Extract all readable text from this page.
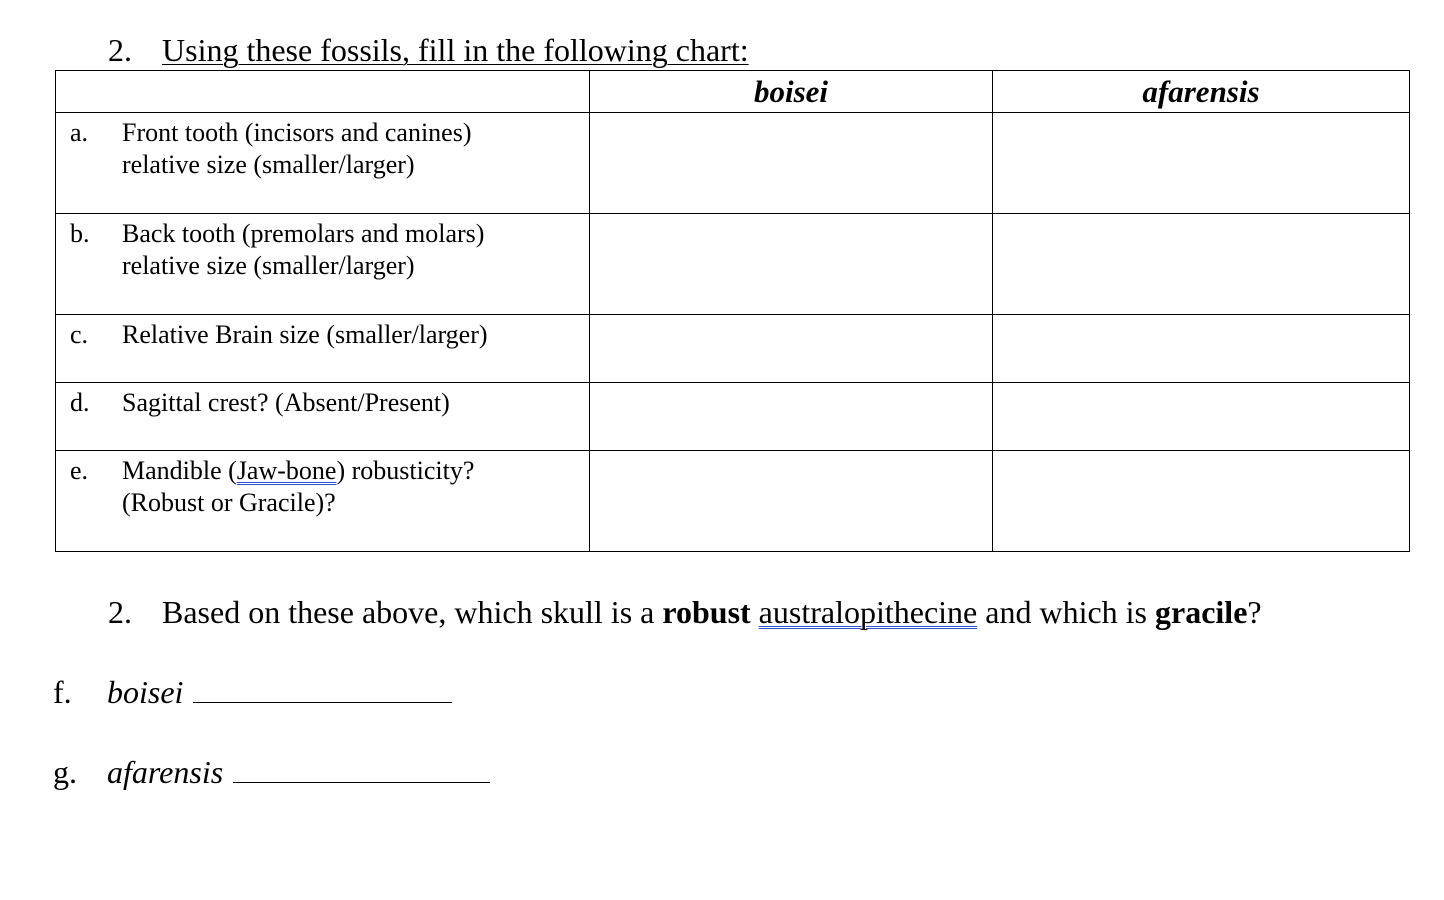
2. Using these fossils, fill in the following chart:
	boisei	afarensis

a. Front tooth (incisors and canines)
relative size (smaller/larger)		

b. Back tooth (premolars and molars)
relative size (smaller/larger)		

c. Relative Brain size (smaller/larger)		

d. Sagittal crest? (Absent/Present)		

e. Mandible (Jaw-bone) robusticity?
(Robust or Gracile)?		

2. Based on these above, which skull is a robust australopithecine and which is gracile?
f. boisei
g. afarensis
